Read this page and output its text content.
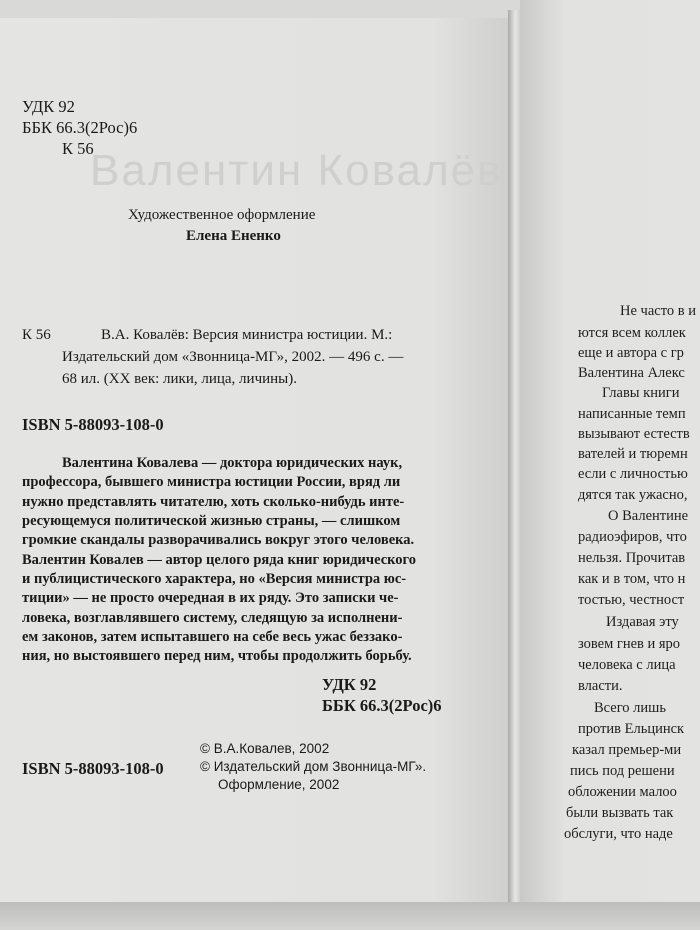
Валентин Ковалёв
УДК 92
ББК 66.3(2Рос)6
К 56
Художественное оформление
Елена Ененко
К 56	В.А. Ковалёв: Версия министра юстиции. М.:
Издательский дом «Звонница-МГ», 2002. — 496 с. —
68 ил. (XX век: лики, лица, личины).
ISBN 5-88093-108-0
Валентина Ковалева — доктора юридических наук,
профессора, бывшего министра юстиции России, вряд ли
нужно представлять читателю, хоть сколько-нибудь инте-
ресующемуся политической жизнью страны, — слишком
громкие скандалы разворачивались вокруг этого человека.
Валентин Ковалев — автор целого ряда книг юридического
и публицистического характера, но «Версия министра юс-
тиции» — не просто очередная в их ряду. Это записки че-
ловека, возглавлявшего систему, следящую за исполнени-
ем законов, затем испытавшего на себе весь ужас беззако-
ния, но выстоявшего перед ним, чтобы продолжить борьбу.
УДК 92
ББК 66.3(2Рос)6
© В.А.Ковалев, 2002
© Издательский дом Звонница-МГ».
Оформление, 2002
ISBN 5-88093-108-0
Не часто в и
ются всем коллек
еще и автора с гр
Валентина Алекс
Главы книги
написанные темп
вызывают естеств
вателей и тюремн
если с личностью
дятся так ужасно,
О Валентине
радиоэфиров, что
нельзя. Прочитав
как и в том, что н
тостью, честност
Издавая эту
зовем гнев и яро
человека с лица
власти.
Всего лишь
против Ельцинск
казал премьер-ми
пись под решени
обложении малоо
были вызвать так
обслуги, что наде
